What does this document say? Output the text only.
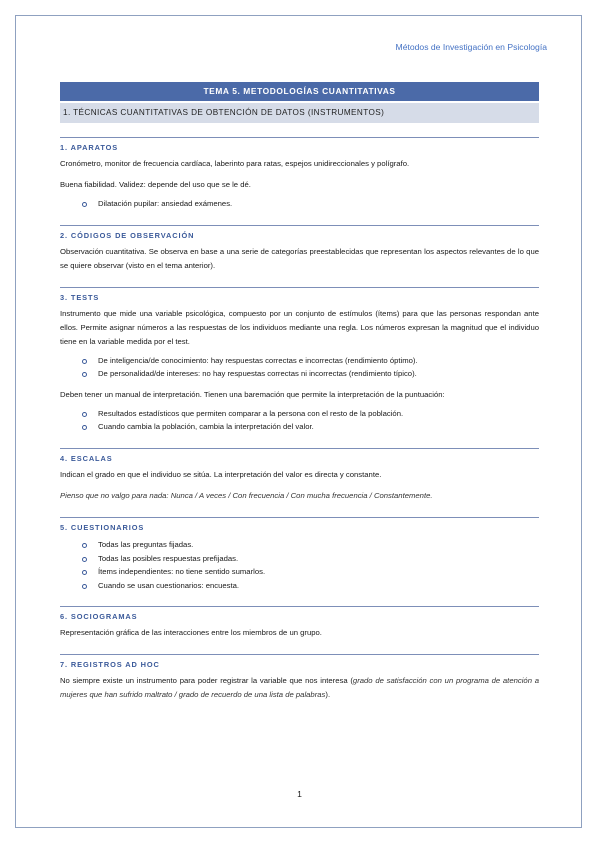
Métodos de Investigación en Psicología
TEMA 5. METODOLOGÍAS CUANTITATIVAS
1. TÉCNICAS CUANTITATIVAS DE OBTENCIÓN DE DATOS (INSTRUMENTOS)
1. APARATOS

Cronómetro, monitor de frecuencia cardíaca, laberinto para ratas, espejos unidireccionales y polígrafo.

Buena fiabilidad. Validez: depende del uso que se le dé.

Dilatación pupilar: ansiedad exámenes.
2. CÓDIGOS DE OBSERVACIÓN

Observación cuantitativa. Se observa en base a una serie de categorías preestablecidas que representan los aspectos relevantes de lo que se quiere observar (visto en el tema anterior).

3. TESTS

Instrumento que mide una variable psicológica, compuesto por un conjunto de estímulos (ítems) para que las personas respondan ante ellos. Permite asignar números a las respuestas de los individuos mediante una regla. Los números expresan la magnitud que el individuo tiene en la variable medida por el test.

De inteligencia/de conocimiento: hay respuestas correctas e incorrectas (rendimiento óptimo).
De personalidad/de intereses: no hay respuestas correctas ni incorrectas (rendimiento típico).

Deben tener un manual de interpretación. Tienen una baremación que permite la interpretación de la puntuación:

Resultados estadísticos que permiten comparar a la persona con el resto de la población.
Cuando cambia la población, cambia la interpretación del valor.
4. ESCALAS

Indican el grado en que el individuo se sitúa. La interpretación del valor es directa y constante.

Pienso que no valgo para nada: Nunca / A veces / Con frecuencia / Con mucha frecuencia / Constantemente.

5. CUESTIONARIOS
Todas las preguntas fijadas.
Todas las posibles respuestas prefijadas.
Ítems independientes: no tiene sentido sumarlos.
Cuando se usan cuestionarios: encuesta.
6. SOCIOGRAMAS

Representación gráfica de las interacciones entre los miembros de un grupo.

7. REGISTROS AD HOC

No siempre existe un instrumento para poder registrar la variable que nos interesa (grado de satisfacción con un programa de atención a mujeres que han sufrido maltrato / grado de recuerdo de una lista de palabras).

1
